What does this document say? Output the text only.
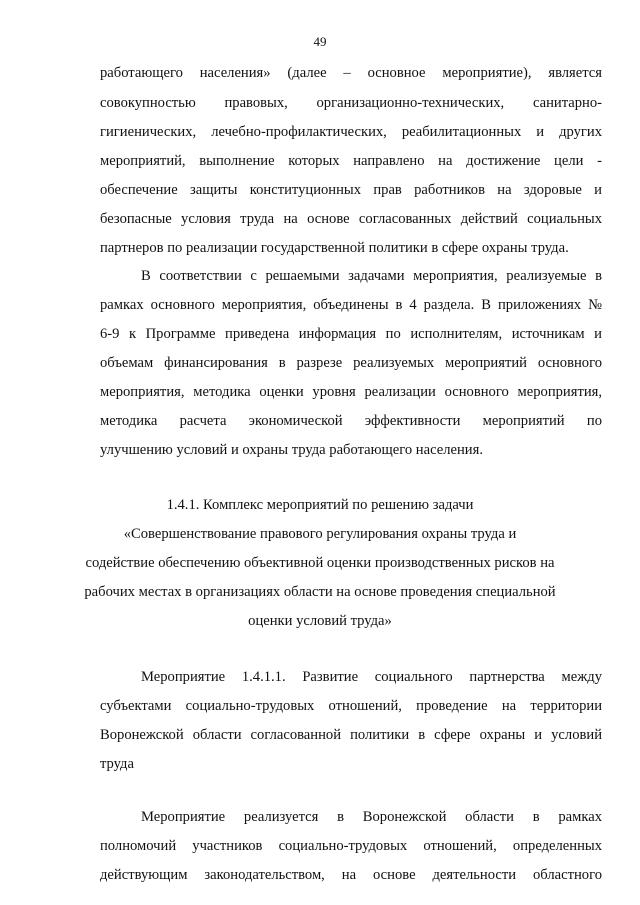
49
работающего населения» (далее – основное мероприятие), является
совокупностью правовых, организационно-технических, санитарно-
гигиенических, лечебно-профилактических, реабилитационных и других
мероприятий, выполнение которых направлено на достижение цели -
обеспечение защиты конституционных прав работников на здоровые и
безопасные условия труда на основе согласованных действий социальных
партнеров по реализации государственной политики в сфере охраны труда.
В соответствии с решаемыми задачами мероприятия, реализуемые в
рамках основного мероприятия, объединены в 4 раздела. В приложениях №
6-9 к Программе приведена информация по исполнителям, источникам и
объемам финансирования в разрезе реализуемых мероприятий основного
мероприятия, методика оценки уровня реализации основного мероприятия,
методика расчета экономической эффективности мероприятий по
улучшению условий и охраны труда работающего населения.
1.4.1. Комплекс мероприятий по решению задачи
«Совершенствование правового регулирования охраны труда и
содействие обеспечению объективной оценки производственных рисков на
рабочих местах в организациях области на основе проведения специальной
оценки условий труда»
Мероприятие 1.4.1.1. Развитие социального партнерства между
субъектами социально-трудовых отношений, проведение на территории
Воронежской области согласованной политики в сфере охраны и условий
труда
Мероприятие реализуется в Воронежской области в рамках
полномочий участников социально-трудовых отношений, определенных
действующим законодательством, на основе деятельности областного
